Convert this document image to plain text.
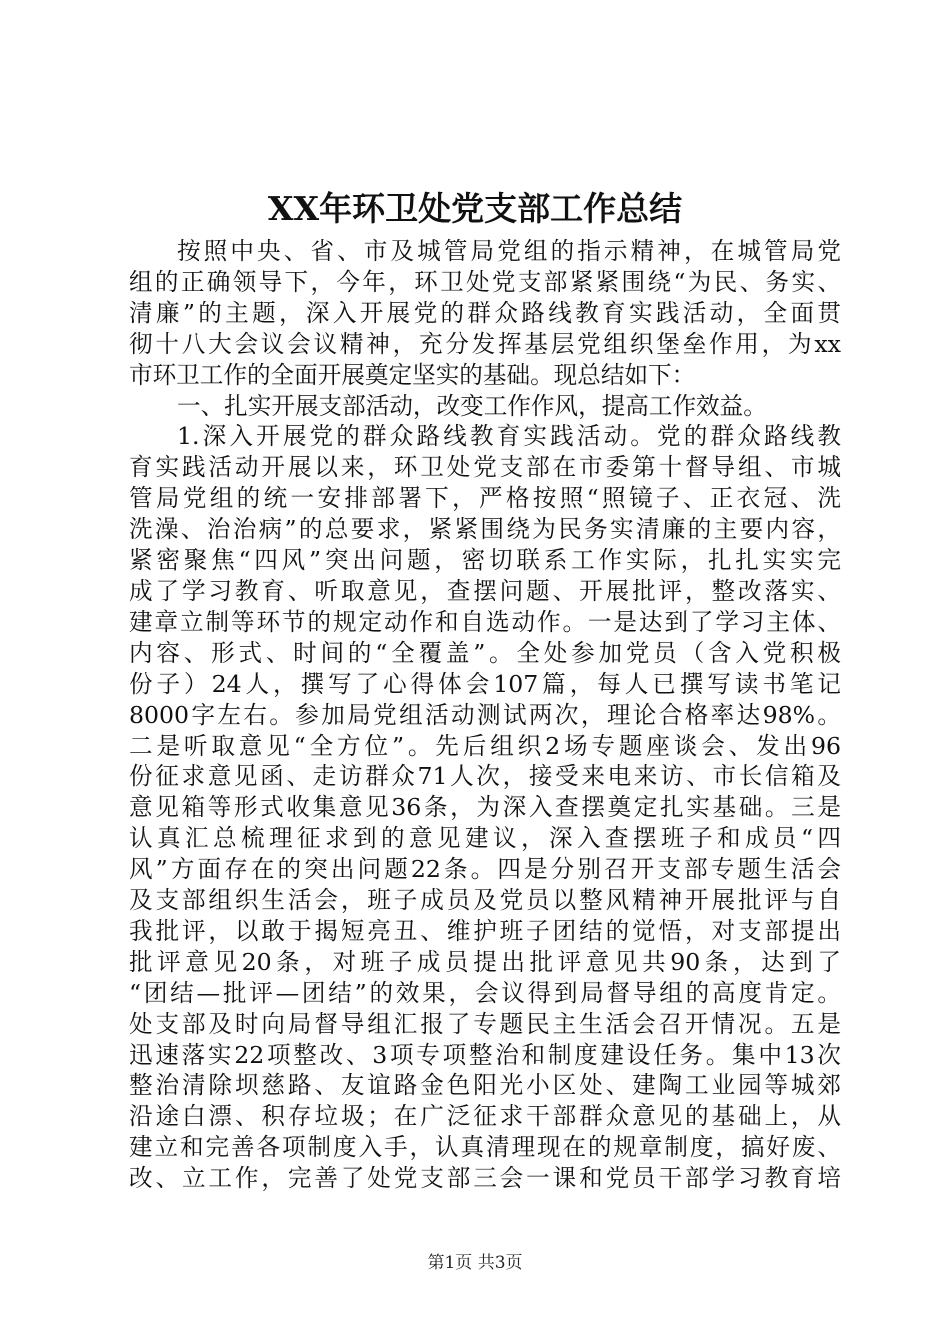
XX年环卫处党支部工作总结
按照中央、省、市及城管局党组的指示精神，在城管局党
组的正确领导下，今年，环卫处党支部紧紧围绕“为民、务实、
清廉”的主题，深入开展党的群众路线教育实践活动，全面贯
彻十八大会议会议精神，充分发挥基层党组织堡垒作用，为xx
市环卫工作的全面开展奠定坚实的基础。现总结如下：
一、扎实开展支部活动，改变工作作风，提高工作效益。
1.深入开展党的群众路线教育实践活动。党的群众路线教
育实践活动开展以来，环卫处党支部在市委第十督导组、市城
管局党组的统一安排部署下，严格按照“照镜子、正衣冠、洗
洗澡、治治病”的总要求，紧紧围绕为民务实清廉的主要内容，
紧密聚焦“四风”突出问题，密切联系工作实际，扎扎实实完
成了学习教育、听取意见，查摆问题、开展批评，整改落实、
建章立制等环节的规定动作和自选动作。一是达到了学习主体、
内容、形式、时间的“全覆盖”。全处参加党员（含入党积极
份子）24人，撰写了心得体会107篇，每人已撰写读书笔记
8000字左右。参加局党组活动测试两次，理论合格率达98%。
二是听取意见“全方位”。先后组织2场专题座谈会、发出96
份征求意见函、走访群众71人次，接受来电来访、市长信箱及
意见箱等形式收集意见36条，为深入查摆奠定扎实基础。三是
认真汇总梳理征求到的意见建议，深入查摆班子和成员“四
风”方面存在的突出问题22条。四是分别召开支部专题生活会
及支部组织生活会，班子成员及党员以整风精神开展批评与自
我批评，以敢于揭短亮丑、维护班子团结的觉悟，对支部提出
批评意见20条，对班子成员提出批评意见共90条，达到了
“团结—批评—团结”的效果，会议得到局督导组的高度肯定。
处支部及时向局督导组汇报了专题民主生活会召开情况。五是
迅速落实22项整改、3项专项整治和制度建设任务。集中13次
整治清除坝慈路、友谊路金色阳光小区处、建陶工业园等城郊
沿途白漂、积存垃圾；在广泛征求干部群众意见的基础上，从
建立和完善各项制度入手，认真清理现在的规章制度，搞好废、
改、立工作，完善了处党支部三会一课和党员干部学习教育培
第1页 共3页
